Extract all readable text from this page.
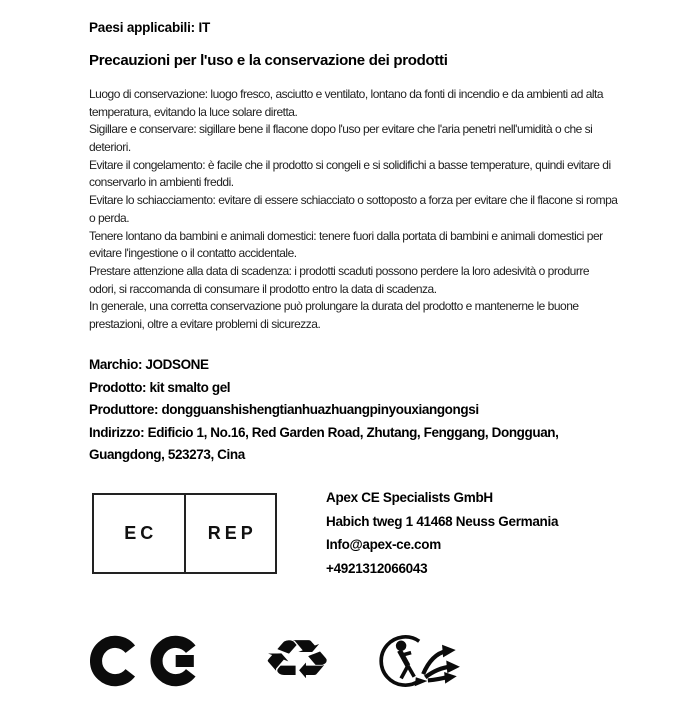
Paesi applicabili: IT
Precauzioni per l'uso e la conservazione dei prodotti
Luogo di conservazione: luogo fresco, asciutto e ventilato, lontano da fonti di incendio e da ambienti ad alta
temperatura, evitando la luce solare diretta.
Sigillare e conservare: sigillare bene il flacone dopo l'uso per evitare che l'aria penetri nell'umidità o che si
deteriori.
Evitare il congelamento: è facile che il prodotto si congeli e si solidifichi a basse temperature, quindi evitare di
conservarlo in ambienti freddi.
Evitare lo schiacciamento: evitare di essere schiacciato o sottoposto a forza per evitare che il flacone si rompa
o perda.
Tenere lontano da bambini e animali domestici: tenere fuori dalla portata di bambini e animali domestici per
evitare l'ingestione o il contatto accidentale.
Prestare attenzione alla data di scadenza: i prodotti scaduti possono perdere la loro adesività o produrre
odori, si raccomanda di consumare il prodotto entro la data di scadenza.
In generale, una corretta conservazione può prolungare la durata del prodotto e mantenerne le buone
prestazioni, oltre a evitare problemi di sicurezza.
Marchio: JODSONE
Prodotto: kit smalto gel
Produttore: dongguanshishengtianhuazhuangpinyouxiangongsi
Indirizzo: Edificio 1, No.16, Red Garden Road, Zhutang, Fenggang, Dongguan,
Guangdong, 523273, Cina
EC	REP
Apex CE Specialists GmbH
Habich tweg 1 41468 Neuss Germania
Info@apex-ce.com
+4921312066043
♻
